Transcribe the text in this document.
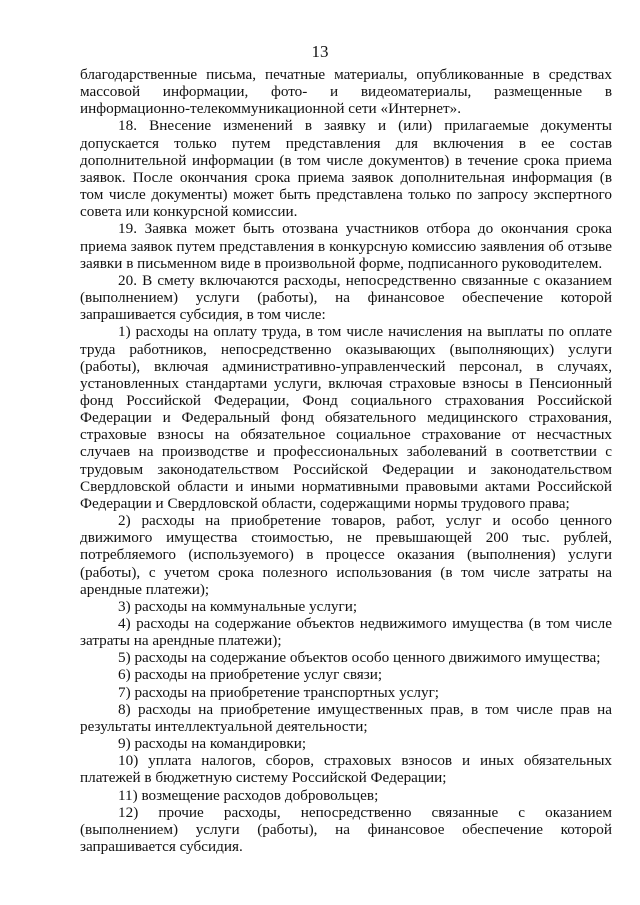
13

благодарственные письма, печатные материалы, опубликованные в средствах массовой информации, фото- и видеоматериалы, размещенные в информационно-телекоммуникационной сети «Интернет».

18. Внесение изменений в заявку и (или) прилагаемые документы допускается только путем представления для включения в ее состав дополнительной информации (в том числе документов) в течение срока приема заявок. После окончания срока приема заявок дополнительная информация (в том числе документы) может быть представлена только по запросу экспертного совета или конкурсной комиссии.

19. Заявка может быть отозвана участников отбора до окончания срока приема заявок путем представления в конкурсную комиссию заявления об отзыве заявки в письменном виде в произвольной форме, подписанного руководителем.

20. В смету включаются расходы, непосредственно связанные с оказанием (выполнением) услуги (работы), на финансовое обеспечение которой запрашивается субсидия, в том числе:

1) расходы на оплату труда, в том числе начисления на выплаты по оплате труда работников, непосредственно оказывающих (выполняющих) услуги (работы), включая административно-управленческий персонал, в случаях, установленных стандартами услуги, включая страховые взносы в Пенсионный фонд Российской Федерации, Фонд социального страхования Российской Федерации и Федеральный фонд обязательного медицинского страхования, страховые взносы на обязательное социальное страхование от несчастных случаев на производстве и профессиональных заболеваний в соответствии с трудовым законодательством Российской Федерации и законодательством Свердловской области и иными нормативными правовыми актами Российской Федерации и Свердловской области, содержащими нормы трудового права;

2) расходы на приобретение товаров, работ, услуг и особо ценного движимого имущества стоимостью, не превышающей 200 тыс. рублей, потребляемого (используемого) в процессе оказания (выполнения) услуги (работы), с учетом срока полезного использования (в том числе затраты на арендные платежи);

3) расходы на коммунальные услуги;

4) расходы на содержание объектов недвижимого имущества (в том числе затраты на арендные платежи);

5) расходы на содержание объектов особо ценного движимого имущества;

6) расходы на приобретение услуг связи;

7) расходы на приобретение транспортных услуг;

8) расходы на приобретение имущественных прав, в том числе прав на результаты интеллектуальной деятельности;

9) расходы на командировки;

10) уплата налогов, сборов, страховых взносов и иных обязательных платежей в бюджетную систему Российской Федерации;

11) возмещение расходов добровольцев;

12) прочие расходы, непосредственно связанные с оказанием (выполнением) услуги (работы), на финансовое обеспечение которой запрашивается субсидия.
